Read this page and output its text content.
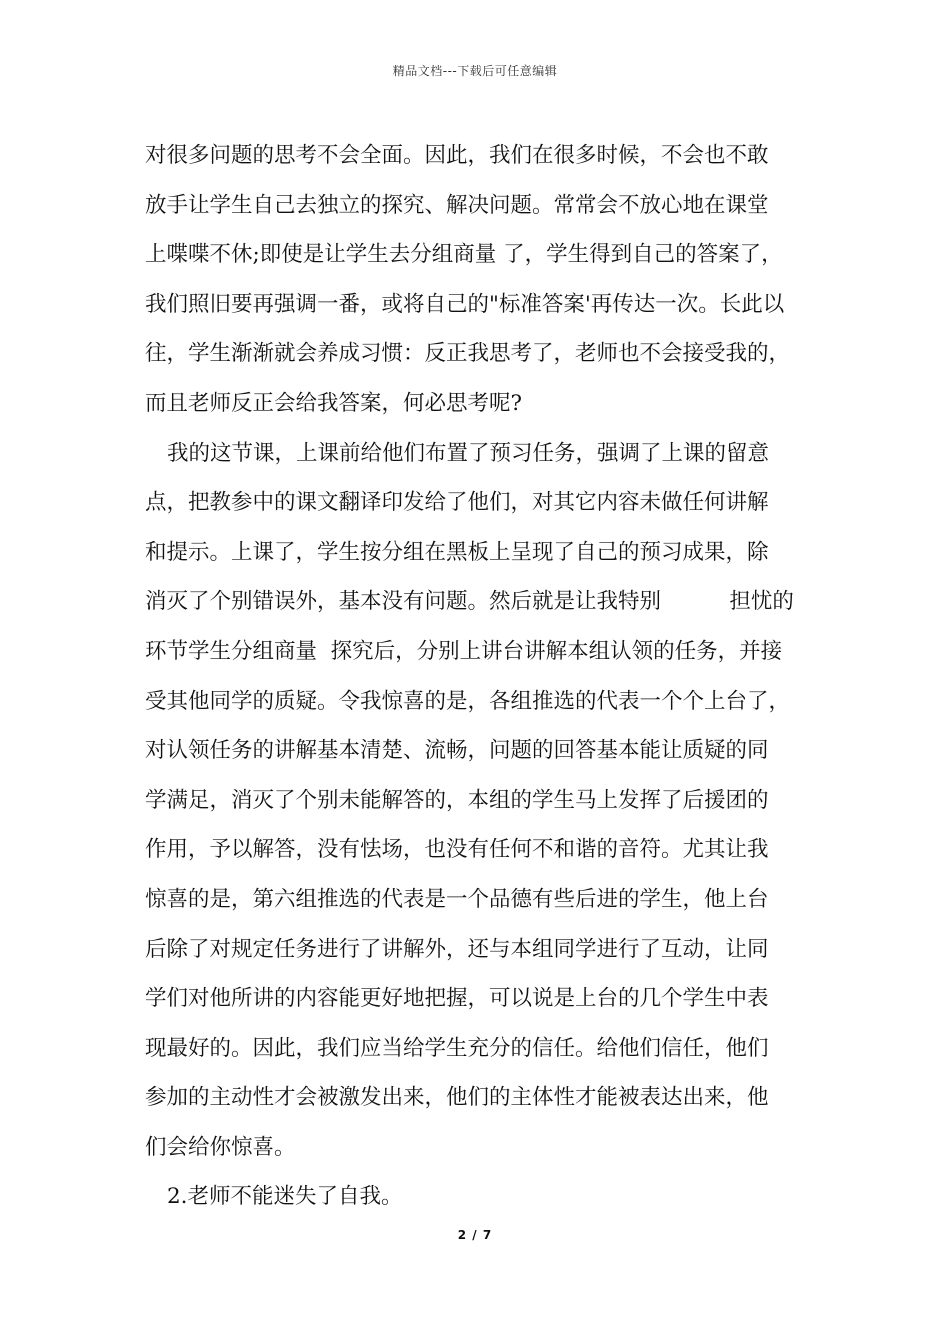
精品文档---下载后可任意编辑
对很多问题的思考不会全面。因此，我们在很多时候，不会也不敢
放手让学生自己去独立的探究、解决问题。常常会不放心地在课堂
上喋喋不休;即使是让学生去分组商量 了，学生得到自己的答案了，
我们照旧要再强调一番，或将自己的"标准答案'再传达一次。长此以
往，学生渐渐就会养成习惯：反正我思考了，老师也不会接受我的，
而且老师反正会给我答案，何必思考呢?
我的这节课，上课前给他们布置了预习任务，强调了上课的留意
点，把教参中的课文翻译印发给了他们，对其它内容未做任何讲解
和提示。上课了，学生按分组在黑板上呈现了自己的预习成果，除
消灭了个别错误外，基本没有问题。然后就是让我特别          担忧的
环节学生分组商量  探究后，分别上讲台讲解本组认领的任务，并接
受其他同学的质疑。令我惊喜的是，各组推选的代表一个个上台了，
对认领任务的讲解基本清楚、流畅，问题的回答基本能让质疑的同
学满足，消灭了个别未能解答的，本组的学生马上发挥了后援团的
作用，予以解答，没有怯场，也没有任何不和谐的音符。尤其让我
惊喜的是，第六组推选的代表是一个品德有些后进的学生，他上台
后除了对规定任务进行了讲解外，还与本组同学进行了互动，让同
学们对他所讲的内容能更好地把握，可以说是上台的几个学生中表
现最好的。因此，我们应当给学生充分的信任。给他们信任，他们
参加的主动性才会被激发出来，他们的主体性才能被表达出来，他
们会给你惊喜。
2.老师不能迷失了自我。
2 / 7
